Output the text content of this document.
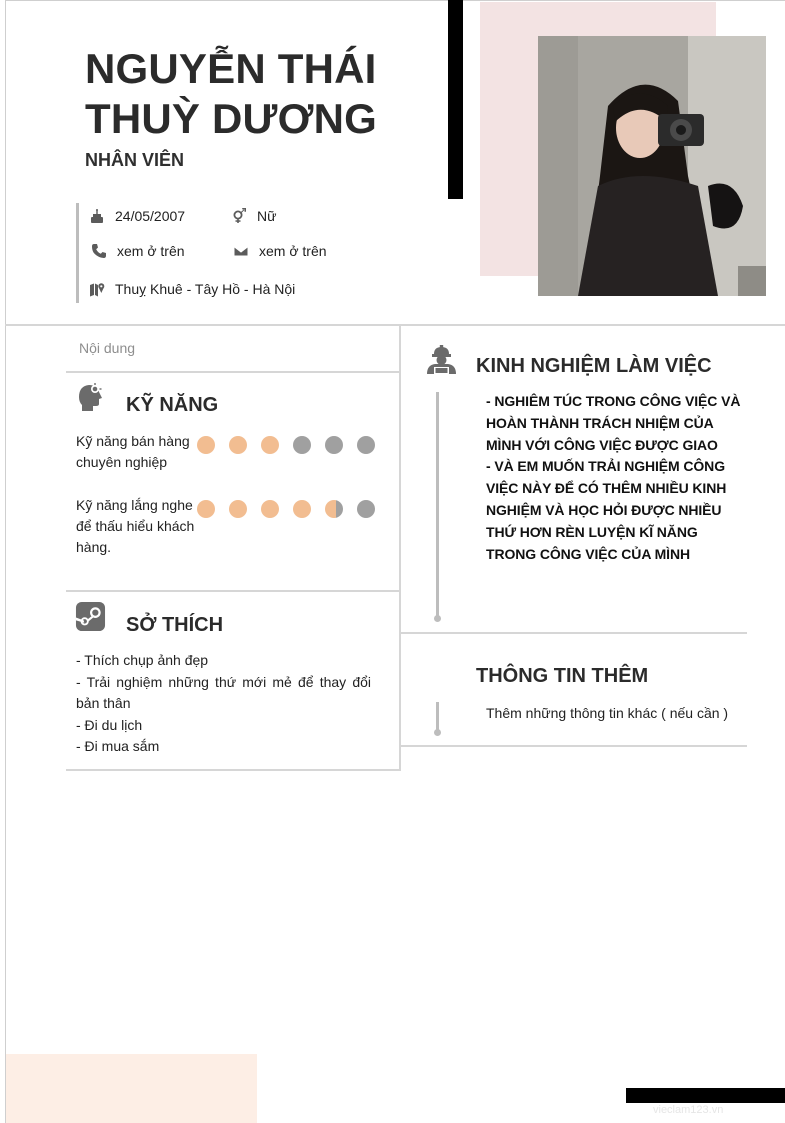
NGUYỄN THÁI
THUỲ DƯƠNG
NHÂN VIÊN
24/05/2007	Nữ
xem ở trên	xem ở trên
Thuỵ Khuê - Tây Hồ - Hà Nội
Nội dung
KỸ NĂNG
Kỹ năng bán hàng chuyên nghiệp
Kỹ năng lắng nghe để thấu hiểu khách hàng.
SỞ THÍCH
- Thích chụp ảnh đẹp
- Trải nghiệm những thứ mới mẻ để thay đổi bản thân
- Đi du lịch
- Đi mua sắm
KINH NGHIỆM LÀM VIỆC
- NGHIÊM TÚC TRONG CÔNG VIỆC VÀ HOÀN THÀNH TRÁCH NHIỆM CỦA MÌNH VỚI CÔNG VIỆC ĐƯỢC GIAO
- VÀ EM MUỐN TRẢI NGHIỆM CÔNG VIỆC NÀY ĐỂ CÓ THÊM NHIỀU KINH NGHIỆM VÀ HỌC HỎI ĐƯỢC NHIỀU THỨ HƠN RÈN LUYỆN KĨ NĂNG TRONG CÔNG VIỆC CỦA MÌNH
THÔNG TIN THÊM
Thêm những thông tin khác ( nếu cần )
vieclam123.vn
